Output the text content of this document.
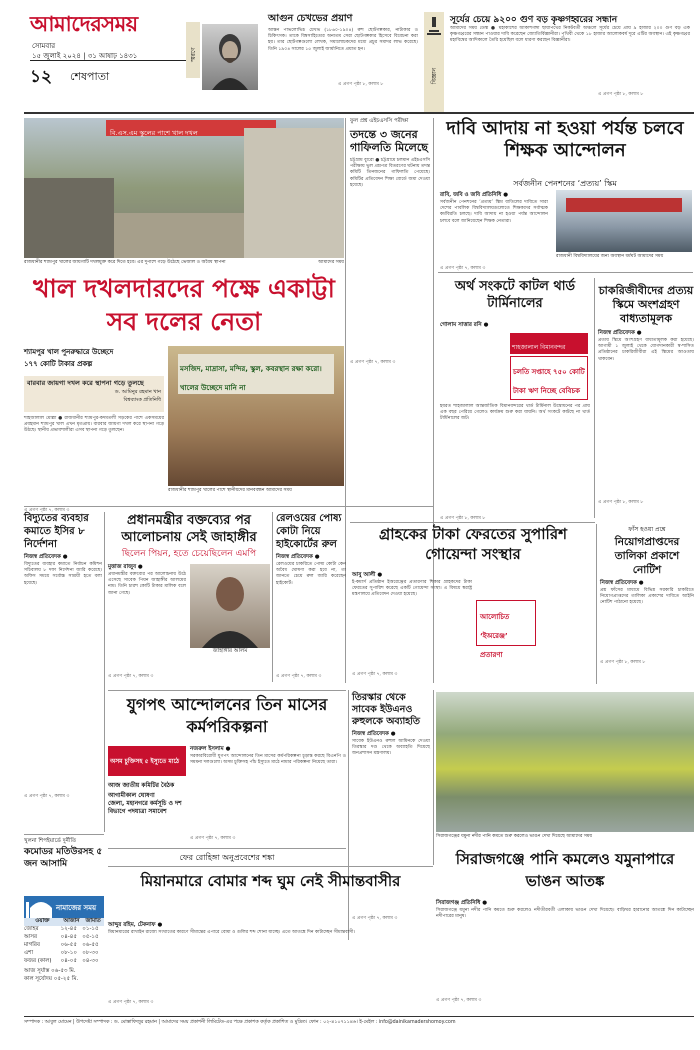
আমাদেরসময়
সোমবার
১৫ জুলাই ২০২৪ | ৩১ আষাঢ় ১৪৩১
১২	শেষপাতা
স্মরণে
আগুন চেখভের প্রয়াণ
আন্তন পাভলোভিচ চেখভ (১৮৬০-১৯০৪) রুশ ছোটগল্পকার, নাট্যকার ও চিকিৎসক। তাকে বিশ্বসাহিত্যের অন্যতম সেরা ছোটগল্পকার হিসেবে বিবেচনা করা হয়। তার ছোটগল্পগুলো লেখক, সমালোচকদের মধ্যে প্রচুর সমাদর লাভ করেছে। তিনি ১৯০৪ সালের ১৫ জুলাই জার্মানিতে প্রয়াত হন।
এ প্রগণ পৃষ্ঠা ৮, কলাম ৮
বিজ্ঞান
সূর্যের চেয়ে ৯২০০ গুণ বড় কৃষ্ণগহ্বরের সন্ধান
আমাদের সময় ডেস্ক ● মহাকাশের আকাশগঙ্গা ছায়াপথের নিকটবর্তী অঞ্চলে সূর্যের চেয়ে প্রায় ৯ হাজার ২০০ গুণ বড় এক কৃষ্ণগহ্বরের সন্ধান পাওয়ার দাবি করেছেন জ্যোতির্বিজ্ঞানীরা। পৃথিবী থেকে ১৮ হাজার আলোকবর্ষ দূরে এটির অবস্থান। এই কৃষ্ণগহ্বর মহাবিশ্বের আদিকালে তৈরি হয়েছিল বলে ধারণা করছেন বিজ্ঞানীরা।
এ প্রগণ পৃষ্ঠা ৮, কলাম ৮
বি.এস.এম স্কুলের পাশে খাল দখল
রাজধানীর শ্যামপুর খালের জায়গাটি দখলমুক্ত করে দিতে হবে। এর দুপাশে গড়ে উঠেছে ভেজাল ও অবৈধ স্থাপনা	আমাদের সময়
ফুল প্রশ্ন এইচএসসি পরীক্ষা
তদন্তে ৩ জনের গাফিলতি মিলেছে
চট্টগ্রাম ব্যুরো ● চট্টগ্রামে চলমান এইচএসসি পরীক্ষায় ভুল প্রশ্নপত্র বিতরণের ঘটনায় তদন্ত কমিটি তিনজনের গাফিলতি পেয়েছে। কমিটির প্রতিবেদন শিক্ষা বোর্ডে জমা দেওয়া হয়েছে।
এ প্রগণ পৃষ্ঠা ৭, কলাম ৩
দাবি আদায় না হওয়া পর্যন্ত চলবে শিক্ষক আন্দোলন
সর্বজনীন পেনশনের ‘প্রত্যয়’ স্কিম
রাবি, জবি ও জবি প্রতিনিধি ●
সর্বজনীন পেনশনের ‘প্রত্যয়’ স্কিম বাতিলের দাবিতে সারা দেশের পাবলিক বিশ্ববিদ্যালয়গুলোতে শিক্ষকদের সর্বাত্মক কর্মবিরতি চলছে। দাবি আদায় না হওয়া পর্যন্ত আন্দোলন চলবে বলে জানিয়েছেন শিক্ষক নেতারা।
রাজধানী বিশ্ববিদ্যালয়ের জন্য অবস্থান ধর্মঘট আমাদের সময়
এ প্রগণ পৃষ্ঠা ৭, কলাম ৩
খাল দখলদারদের পক্ষে একাট্টা সব দলের নেতা
অর্থ সংকটে কাটল থার্ড টার্মিনালের
গোলাম সাত্তার রনি ●
শাহজালাল বিমানবন্দর
চলতি সপ্তাহে ৭৫০ কোটি টাকা ঋণ নিচ্ছে বেবিচক
হযরত শাহজালাল আন্তর্জাতিক বিমানবন্দরের থার্ড টার্মিনাল উদ্বোধনের পর প্রায় এক বছর পেরিয়ে গেলেও কার্যক্রম শুরু করা যায়নি। অর্থ সংকটে কাটছে না থার্ড টার্মিনালের জট।
এ প্রগণ পৃষ্ঠা ৮, কলাম ৮
চাকরিজীবীদের প্রত্যয় স্কিমে অংশগ্রহণ বাধ্যতামূলক
নিজস্ব প্রতিবেদক ●
প্রত্যয় স্কিমে অংশগ্রহণ বাধ্যতামূলক করা হয়েছে। আগামী ১ জুলাই থেকে যোগদানকারী স্ব-শাসিত প্রতিষ্ঠানের চাকরিজীবীরা এই স্কিমের আওতায় থাকবেন।
এ প্রগণ পৃষ্ঠা ৮, কলাম ৮
শ্যামপুর খাল পুনরুদ্ধারে উচ্ছেদে
১৭৭ কোটি টাকার প্রকল্প
বারবার জায়গা দখল করে স্থাপনা গড়ে তুলছে
ড. আমিনুর রহমান খান
বিশ্বব্যাংক প্রতিনিধি
মসজিদ, মাদ্রাসা, মন্দির, স্কুল, কবরস্থান রক্ষা করো। খালের উচ্ছেদে মানি না
রাজধানীর শ্যামপুর খালের পাশে স্থানীয়দের মানববন্ধন আমাদের সময়
শাহজালাল মোল্লা ● রাজধানীর শ্যামপুর-কদমতলী সড়কের পাশে একসময়ের প্রবহমান শ্যামপুর খাল এখন মৃতপ্রায়। বারবার জায়গা দখল করে স্থাপনা গড়ে উঠছে। স্থানীয় প্রভাবশালীরা এসব স্থাপনা গড়ে তুলছেন।
এ প্রগণ পৃষ্ঠা ৭, কলাম ৩
বিদ্যুতের ব্যবহার কমাতে ইসির ৮ নির্দেশনা
নিজস্ব প্রতিবেদক ●
বিদ্যুতের ব্যবহার কমাতে নির্বাচন কমিশন সচিবালয় ৮ দফা নির্দেশনা জারি করেছে। অফিস সময়ে সর্বোচ্চ সাশ্রয়ী হতে বলা হয়েছে।
এ প্রগণ পৃষ্ঠা ৭, কলাম ৩
প্রধানমন্ত্রীর বক্তব্যের পর আলোচনায় সেই জাহাঙ্গীর
ছিলেন পিয়ন, হতে চেয়েছিলেন এমপি
মুত্তাজ রাজুব ●
প্রধানমন্ত্রীর বক্তব্যের পর আলোচনায় উঠে এসেছে সাবেক পিয়ন জাহাঙ্গীর আলমের নাম। তিনি চারশ কোটি টাকার মালিক বলে জানা গেছে।
এ প্রগণ পৃষ্ঠা ৭, কলাম ৩
জাহাঙ্গীর আলম
রেলওয়ের পোষ্য কোটা নিয়ে হাইকোর্টের রুল
নিজস্ব প্রতিবেদক ●
রেলওয়ের চাকরিতে পোষ্য কোটা কেন অবৈধ ঘোষণা করা হবে না, তা জানতে চেয়ে রুল জারি করেছেন হাইকোর্ট।
এ প্রগণ পৃষ্ঠা ৭, কলাম ৩
গ্রাহকের টাকা ফেরতের সুপারিশ গোয়েন্দা সংস্থার
আবু আলী ●
ই-কমার্স প্রতিষ্ঠান ইঅরেঞ্জের প্রতারণার শিকার গ্রাহকদের টাকা ফেরতের সুপারিশ করেছে একটি গোয়েন্দা সংস্থা। এ বিষয়ে স্বরাষ্ট্র মন্ত্রণালয়ে প্রতিবেদন দেওয়া হয়েছে।
আলোচিত ‘ইঅরেঞ্জ’ প্রতারণা
এ প্রগণ পৃষ্ঠা ৭, কলাম ৩
ফাঁস হওয়া প্রশ্নে
নিয়োগপ্রাপ্তদের তালিকা প্রকাশে নোটিশ
নিজস্ব প্রতিবেদক ●
প্রশ্ন ফাঁসের মাধ্যমে বিভিন্ন সরকারি চাকরিতে নিয়োগপ্রাপ্তদের তালিকা প্রকাশের দাবিতে আইনি নোটিশ পাঠানো হয়েছে।
এ প্রগণ পৃষ্ঠা ৮, কলাম ৮
যুগপৎ আন্দোলনের তিন মাসের কর্মপরিকল্পনা
অসম চুক্তিসহ ৫ ইস্যুতে মাঠে নামছে বিএনপি ও সমমনা দল
আজ জাতীয় কমিটির বৈঠক
আগামীকাল ঘোষণা
জেলা, মহানগরে কর্মসূচি ও দশ বিভাগে পদযাত্রা সমাবেশ
নজরুল ইসলাম ●
সরকারবিরোধী যুগপৎ আন্দোলনের তিন মাসের কর্মপরিকল্পনা চূড়ান্ত করছে বিএনপি ও সমমনা দলগুলো। অসম চুক্তিসহ পাঁচ ইস্যুতে মাঠে নামার পরিকল্পনা নিয়েছে তারা।
এ প্রগণ পৃষ্ঠা ৭, কলাম ৩
তিরস্কার থেকে সাবেক ইউএনও রুহুলকে অব্যাহতি
নিজস্ব প্রতিবেদক ●
সাবেক ইউএনও রুহুল আমিনকে দেওয়া তিরস্কার দণ্ড থেকে অব্যাহতি দিয়েছে জনপ্রশাসন মন্ত্রণালয়।
এ প্রগণ পৃষ্ঠা ৭, কলাম ৩
সিরাজগঞ্জের যমুনা নদীর পানি কমতে শুরু করলেও ভাঙন দেখা দিয়েছে আমাদের সময়
সিরাজগঞ্জে পানি কমলেও যমুনাপারে ভাঙন আতঙ্ক
সিরাজগঞ্জ প্রতিনিধি ●
সিরাজগঞ্জে যমুনা নদীর পানি কমতে শুরু করলেও নদীতীরবর্তী এলাকায় ভাঙন দেখা দিয়েছে। বাড়িঘর হারানোর আতঙ্কে দিন কাটাচ্ছেন নদীপারের মানুষ।
এ প্রগণ পৃষ্ঠা ৭, কলাম ৩
ফের রোহিঙ্গা অনুপ্রবেশের শঙ্কা
মিয়ানমারে বোমার শব্দ ঘুম নেই সীমান্তবাসীর
আব্দুর রহিম, টেকনাফ ●
মিয়ানমারের রাখাইন রাজ্যে সংঘাতের কারণে সীমান্তের এপারে বোমা ও গুলির শব্দ শোনা যাচ্ছে। এতে আতঙ্কে দিন কাটাচ্ছেন সীমান্তবাসী।
এ প্রগণ পৃষ্ঠা ৭, কলাম ৩
খুলনা শিপইয়ার্ডে দুর্নীতি
কমোডর মতিউরসহ ৫ জন আসামি
নামাজের সময়
ওয়াক্ত	আজান	জামাত
জোহর	১২-৪৫	০১-১৫
আসর	০৪-৪৫	০৫-১৫
মাগরিব	০৬-৫৫	০৬-৫৫
এশা	০৮-১০	০৮-৩০
ফজর (কাল)	০৪-০৫	০৪-৩০
আজ সূর্যাস্ত ০৬-৫৩ মি.
কাল সূর্যোদয় ০৫-২৫ মি.
সম্পাদক : আবুল মোমেন | উপদেষ্টা সম্পাদক : ড. মোস্তাফিজুর রহমান | আমাদের সময় প্রকাশনী লিমিটেড-এর পক্ষে প্রকাশক কর্তৃক প্রকাশিত ও মুদ্রিত। ফোন : ০২-৪১০৭১১৪৬। ই-মেইল : info@dainikamadershomoy.com
